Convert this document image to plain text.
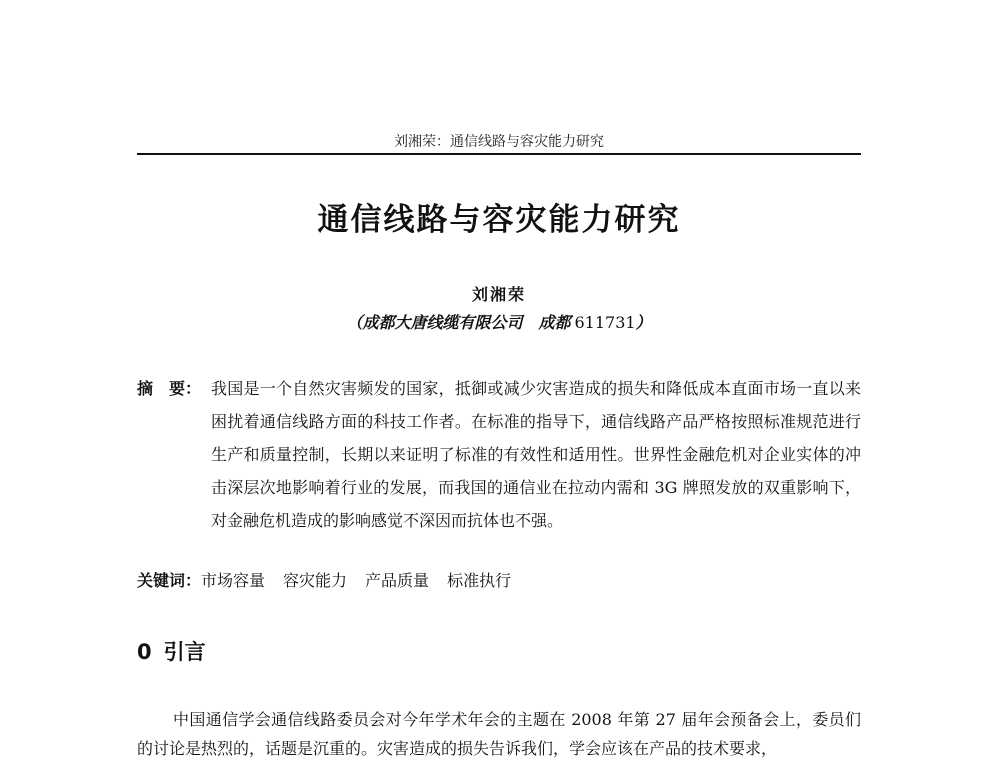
刘湘荣：通信线路与容灾能力研究
通信线路与容灾能力研究
刘湘荣
（成都大唐线缆有限公司　成都 611731）
摘　要： 我国是一个自然灾害频发的国家，抵御或减少灾害造成的损失和降低成本直面市场一直以来困扰着通信线路方面的科技工作者。在标准的指导下，通信线路产品严格按照标准规范进行生产和质量控制，长期以来证明了标准的有效性和适用性。世界性金融危机对企业实体的冲击深层次地影响着行业的发展，而我国的通信业在拉动内需和 3G 牌照发放的双重影响下，对金融危机造成的影响感觉不深因而抗体也不强。
关键词：市场容量 容灾能力 产品质量 标准执行
0 引言
中国通信学会通信线路委员会对今年学术年会的主题在 2008 年第 27 届年会预备会上，委员们的讨论是热烈的，话题是沉重的。灾害造成的损失告诉我们，学会应该在产品的技术要求，
